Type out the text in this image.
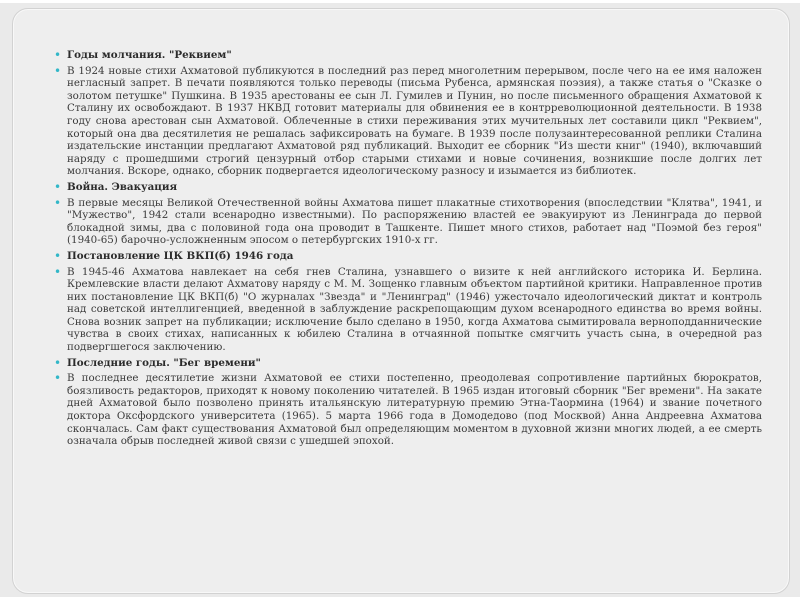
• Годы молчания. "Реквием"
• В 1924 новые стихи Ахматовой публикуются в последний раз перед многолетним перерывом, после чего на ее имя наложен негласный запрет. В печати появляются только переводы (письма Рубенса, армянская поэзия), а также статья о "Сказке о золотом петушке" Пушкина. В 1935 арестованы ее сын Л. Гумилев и Пунин, но после письменного обращения Ахматовой к Сталину их освобождают. В 1937 НКВД готовит материалы для обвинения ее в контрреволюционной деятельности. В 1938 году снова арестован сын Ахматовой. Облеченные в стихи переживания этих мучительных лет составили цикл "Реквием", который она два десятилетия не решалась зафиксировать на бумаге. В 1939 после полузаинтересованной реплики Сталина издательские инстанции предлагают Ахматовой ряд публикаций. Выходит ее сборник "Из шести книг" (1940), включавший наряду с прошедшими строгий цензурный отбор старыми стихами и новые сочинения, возникшие после долгих лет молчания. Вскоре, однако, сборник подвергается идеологическому разносу и изымается из библиотек.
• Война. Эвакуация
• В первые месяцы Великой Отечественной войны Ахматова пишет плакатные стихотворения (впоследствии "Клятва", 1941, и "Мужество", 1942 стали всенародно известными). По распоряжению властей ее эвакуируют из Ленинграда до первой блокадной зимы, два с половиной года она проводит в Ташкенте. Пишет много стихов, работает над "Поэмой без героя" (1940-65) барочно-усложненным эпосом о петербургских 1910-х гг.
• Постановление ЦК ВКП(б) 1946 года
• В 1945-46 Ахматова навлекает на себя гнев Сталина, узнавшего о визите к ней английского историка И. Берлина. Кремлевские власти делают Ахматову наряду с М. М. Зощенко главным объектом партийной критики. Направленное против них постановление ЦК ВКП(б) "О журналах "Звезда" и "Ленинград" (1946) ужесточало идеологический диктат и контроль над советской интеллигенцией, введенной в заблуждение раскрепощающим духом всенародного единства во время войны. Снова возник запрет на публикации; исключение было сделано в 1950, когда Ахматова сымитировала верноподданнические чувства в своих стихах, написанных к юбилею Сталина в отчаянной попытке смягчить участь сына, в очередной раз подвергшегося заключению.
• Последние годы. "Бег времени"
• В последнее десятилетие жизни Ахматовой ее стихи постепенно, преодолевая сопротивление партийных бюрократов, боязливость редакторов, приходят к новому поколению читателей. В 1965 издан итоговый сборник "Бег времени". На закате дней Ахматовой было позволено принять итальянскую литературную премию Этна-Таормина (1964) и звание почетного доктора Оксфордского университета (1965). 5 марта 1966 года в Домодедово (под Москвой) Анна Андреевна Ахматова скончалась. Сам факт существования Ахматовой был определяющим моментом в духовной жизни многих людей, а ее смерть означала обрыв последней живой связи с ушедшей эпохой.
